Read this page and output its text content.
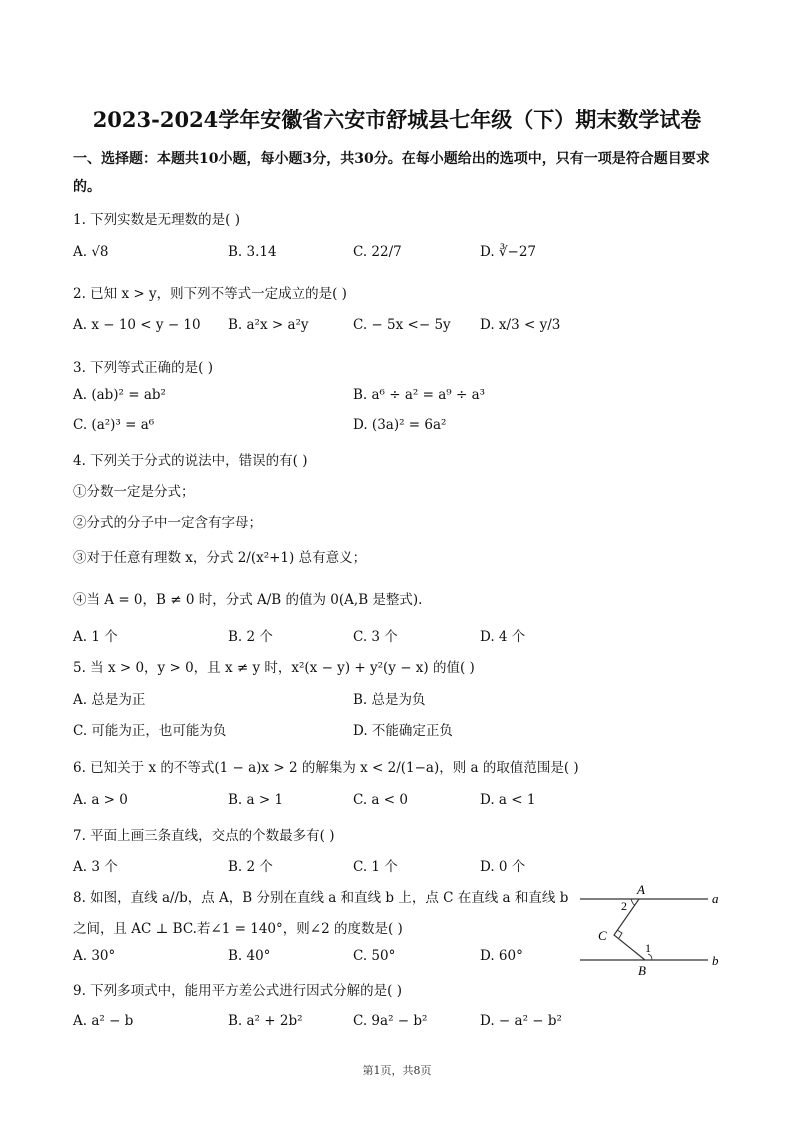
2023-2024学年安徽省六安市舒城县七年级（下）期末数学试卷
一、选择题：本题共10小题，每小题3分，共30分。在每小题给出的选项中，只有一项是符合题目要求
的。
1. 下列实数是无理数的是( )
A. √8	B. 3.14	C. 22/7	D. ∛−27
2. 已知 x > y，则下列不等式一定成立的是( )
A. x − 10 < y − 10 B. a²x > a²y	C. − 5x <− 5y D. x/3 < y/3
3. 下列等式正确的是( )
A. (ab)² = ab²	B. a⁶ ÷ a² = a⁹ ÷ a³
C. (a²)³ = a⁶	D. (3a)² = 6a²
4. 下列关于分式的说法中，错误的有( )
①分数一定是分式；
②分式的分子中一定含有字母；
③对于任意有理数 x，分式 2/(x²+1) 总有意义；
④当 A = 0，B ≠ 0 时，分式 A/B 的值为 0(A,B 是整式).
A. 1 个	B. 2 个	C. 3 个	D. 4 个
5. 当 x > 0，y > 0，且 x ≠ y 时，x²(x − y) + y²(y − x) 的值( )
A. 总是为正	B. 总是为负
C. 可能为正，也可能为负	D. 不能确定正负
6. 已知关于 x 的不等式(1 − a)x > 2 的解集为 x < 2/(1−a)，则 a 的取值范围是( )
A. a > 0	B. a > 1	C. a < 0	D. a < 1
7. 平面上画三条直线，交点的个数最多有( )
A. 3 个	B. 2 个	C. 1 个	D. 0 个
8. 如图，直线 a//b，点 A，B 分别在直线 a 和直线 b 上，点 C 在直线 a 和直线 b
之间，且 AC ⊥ BC.若∠1 = 140°，则∠2 的度数是( )
A. 30°	B. 40°	C. 50°	D. 60°
A
B
C
a
b
1
2
9. 下列多项式中，能用平方差公式进行因式分解的是( )
A. a² − b	B. a² + 2b²	C. 9a² − b²	D. − a² − b²
第1页，共8页
